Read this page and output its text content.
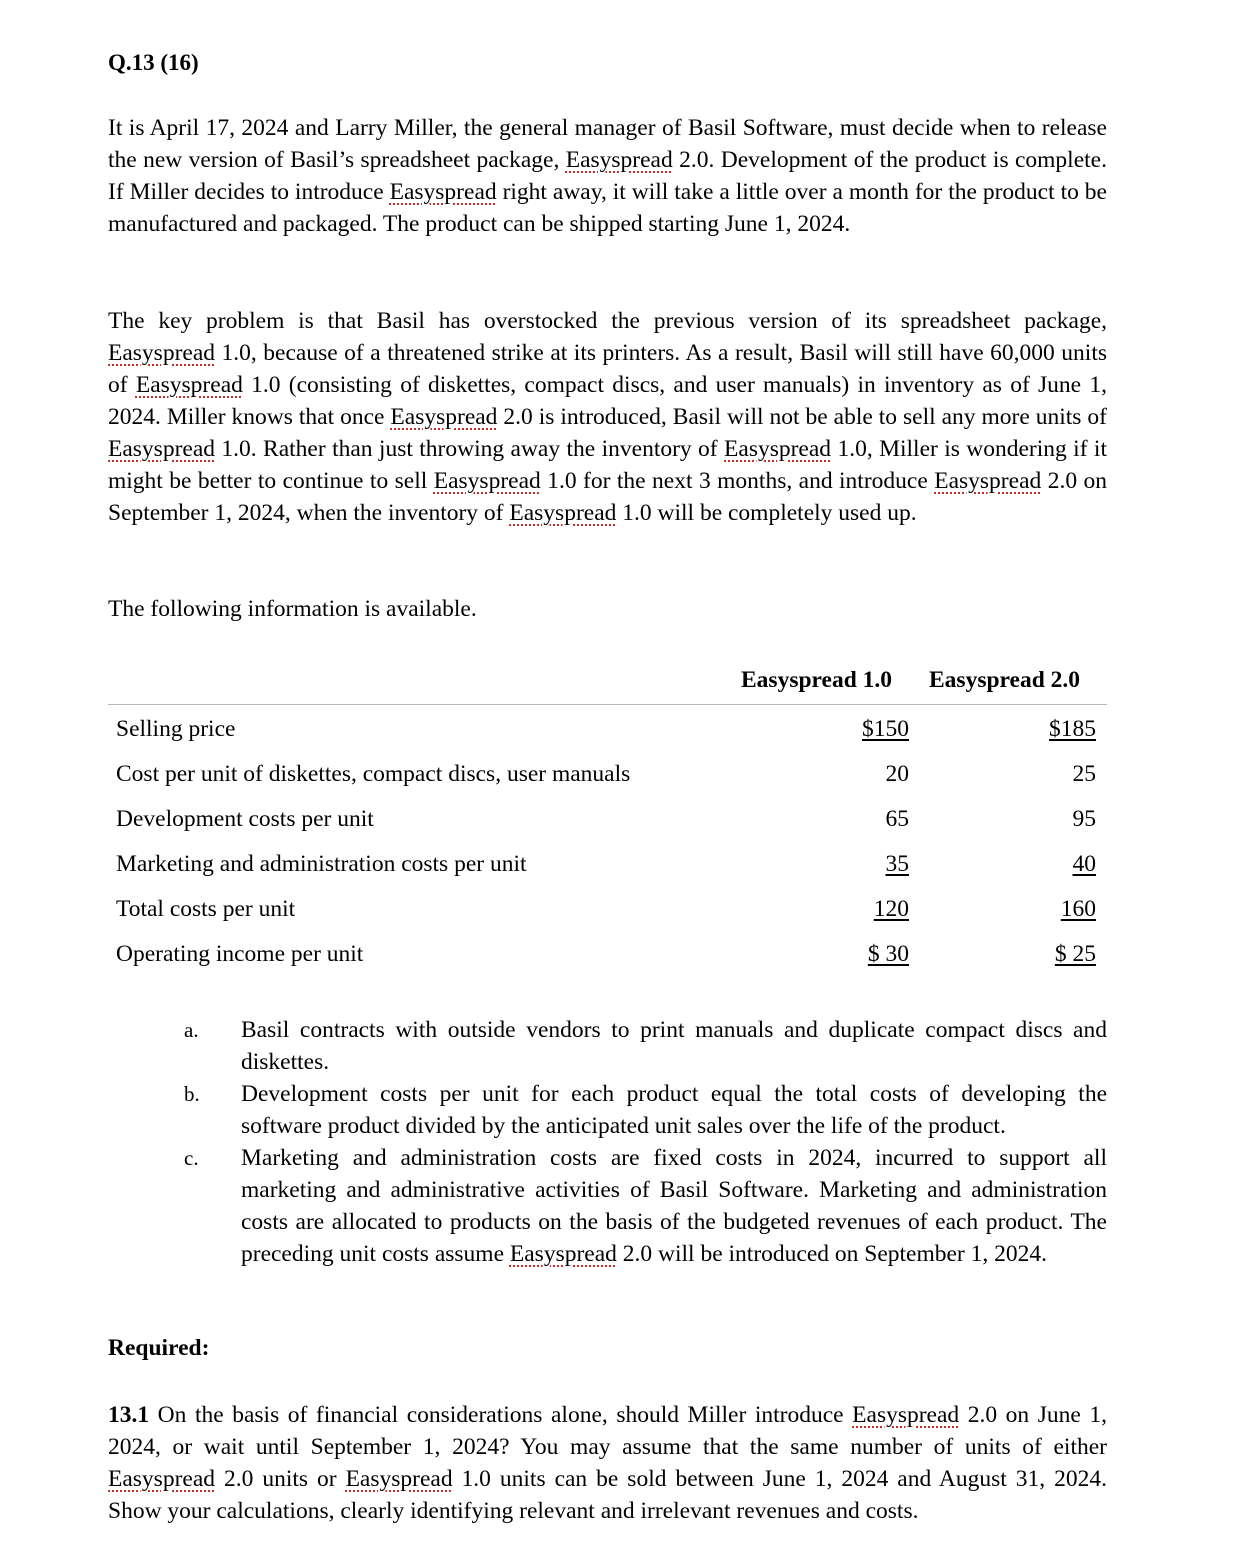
Q.13 (16)

It is April 17, 2024 and Larry Miller, the general manager of Basil Software, must decide when to release the new version of Basil’s spreadsheet package, Easyspread 2.0. Development of the product is complete. If Miller decides to introduce Easyspread right away, it will take a little over a month for the product to be manufactured and packaged. The product can be shipped starting June 1, 2024.

The key problem is that Basil has overstocked the previous version of its spreadsheet package, Easyspread 1.0, because of a threatened strike at its printers. As a result, Basil will still have 60,000 units of Easyspread 1.0 (consisting of diskettes, compact discs, and user manuals) in inventory as of June 1, 2024. Miller knows that once Easyspread 2.0 is introduced, Basil will not be able to sell any more units of Easyspread 1.0. Rather than just throwing away the inventory of Easyspread 1.0, Miller is wondering if it might be better to continue to sell Easyspread 1.0 for the next 3 months, and introduce Easyspread 2.0 on September 1, 2024, when the inventory of Easyspread 1.0 will be completely used up.

The following information is available.

Easyspread 1.0 Easyspread 2.0
Selling price	$150	$185
Cost per unit of diskettes, compact discs, user manuals	20	25
Development costs per unit	65	95
Marketing and administration costs per unit	35	40
Total costs per unit	120	160
Operating income per unit	$ 30	$ 25
a. Basil contracts with outside vendors to print manuals and duplicate compact discs and diskettes.
b. Development costs per unit for each product equal the total costs of developing the software product divided by the anticipated unit sales over the life of the product.
c. Marketing and administration costs are fixed costs in 2024, incurred to support all marketing and administrative activities of Basil Software. Marketing and administration costs are allocated to products on the basis of the budgeted revenues of each product. The preceding unit costs assume Easyspread 2.0 will be introduced on September 1, 2024.
Required:

13.1 On the basis of financial considerations alone, should Miller introduce Easyspread 2.0 on June 1, 2024, or wait until September 1, 2024? You may assume that the same number of units of either Easyspread 2.0 units or Easyspread 1.0 units can be sold between June 1, 2024 and August 31, 2024. Show your calculations, clearly identifying relevant and irrelevant revenues and costs.
